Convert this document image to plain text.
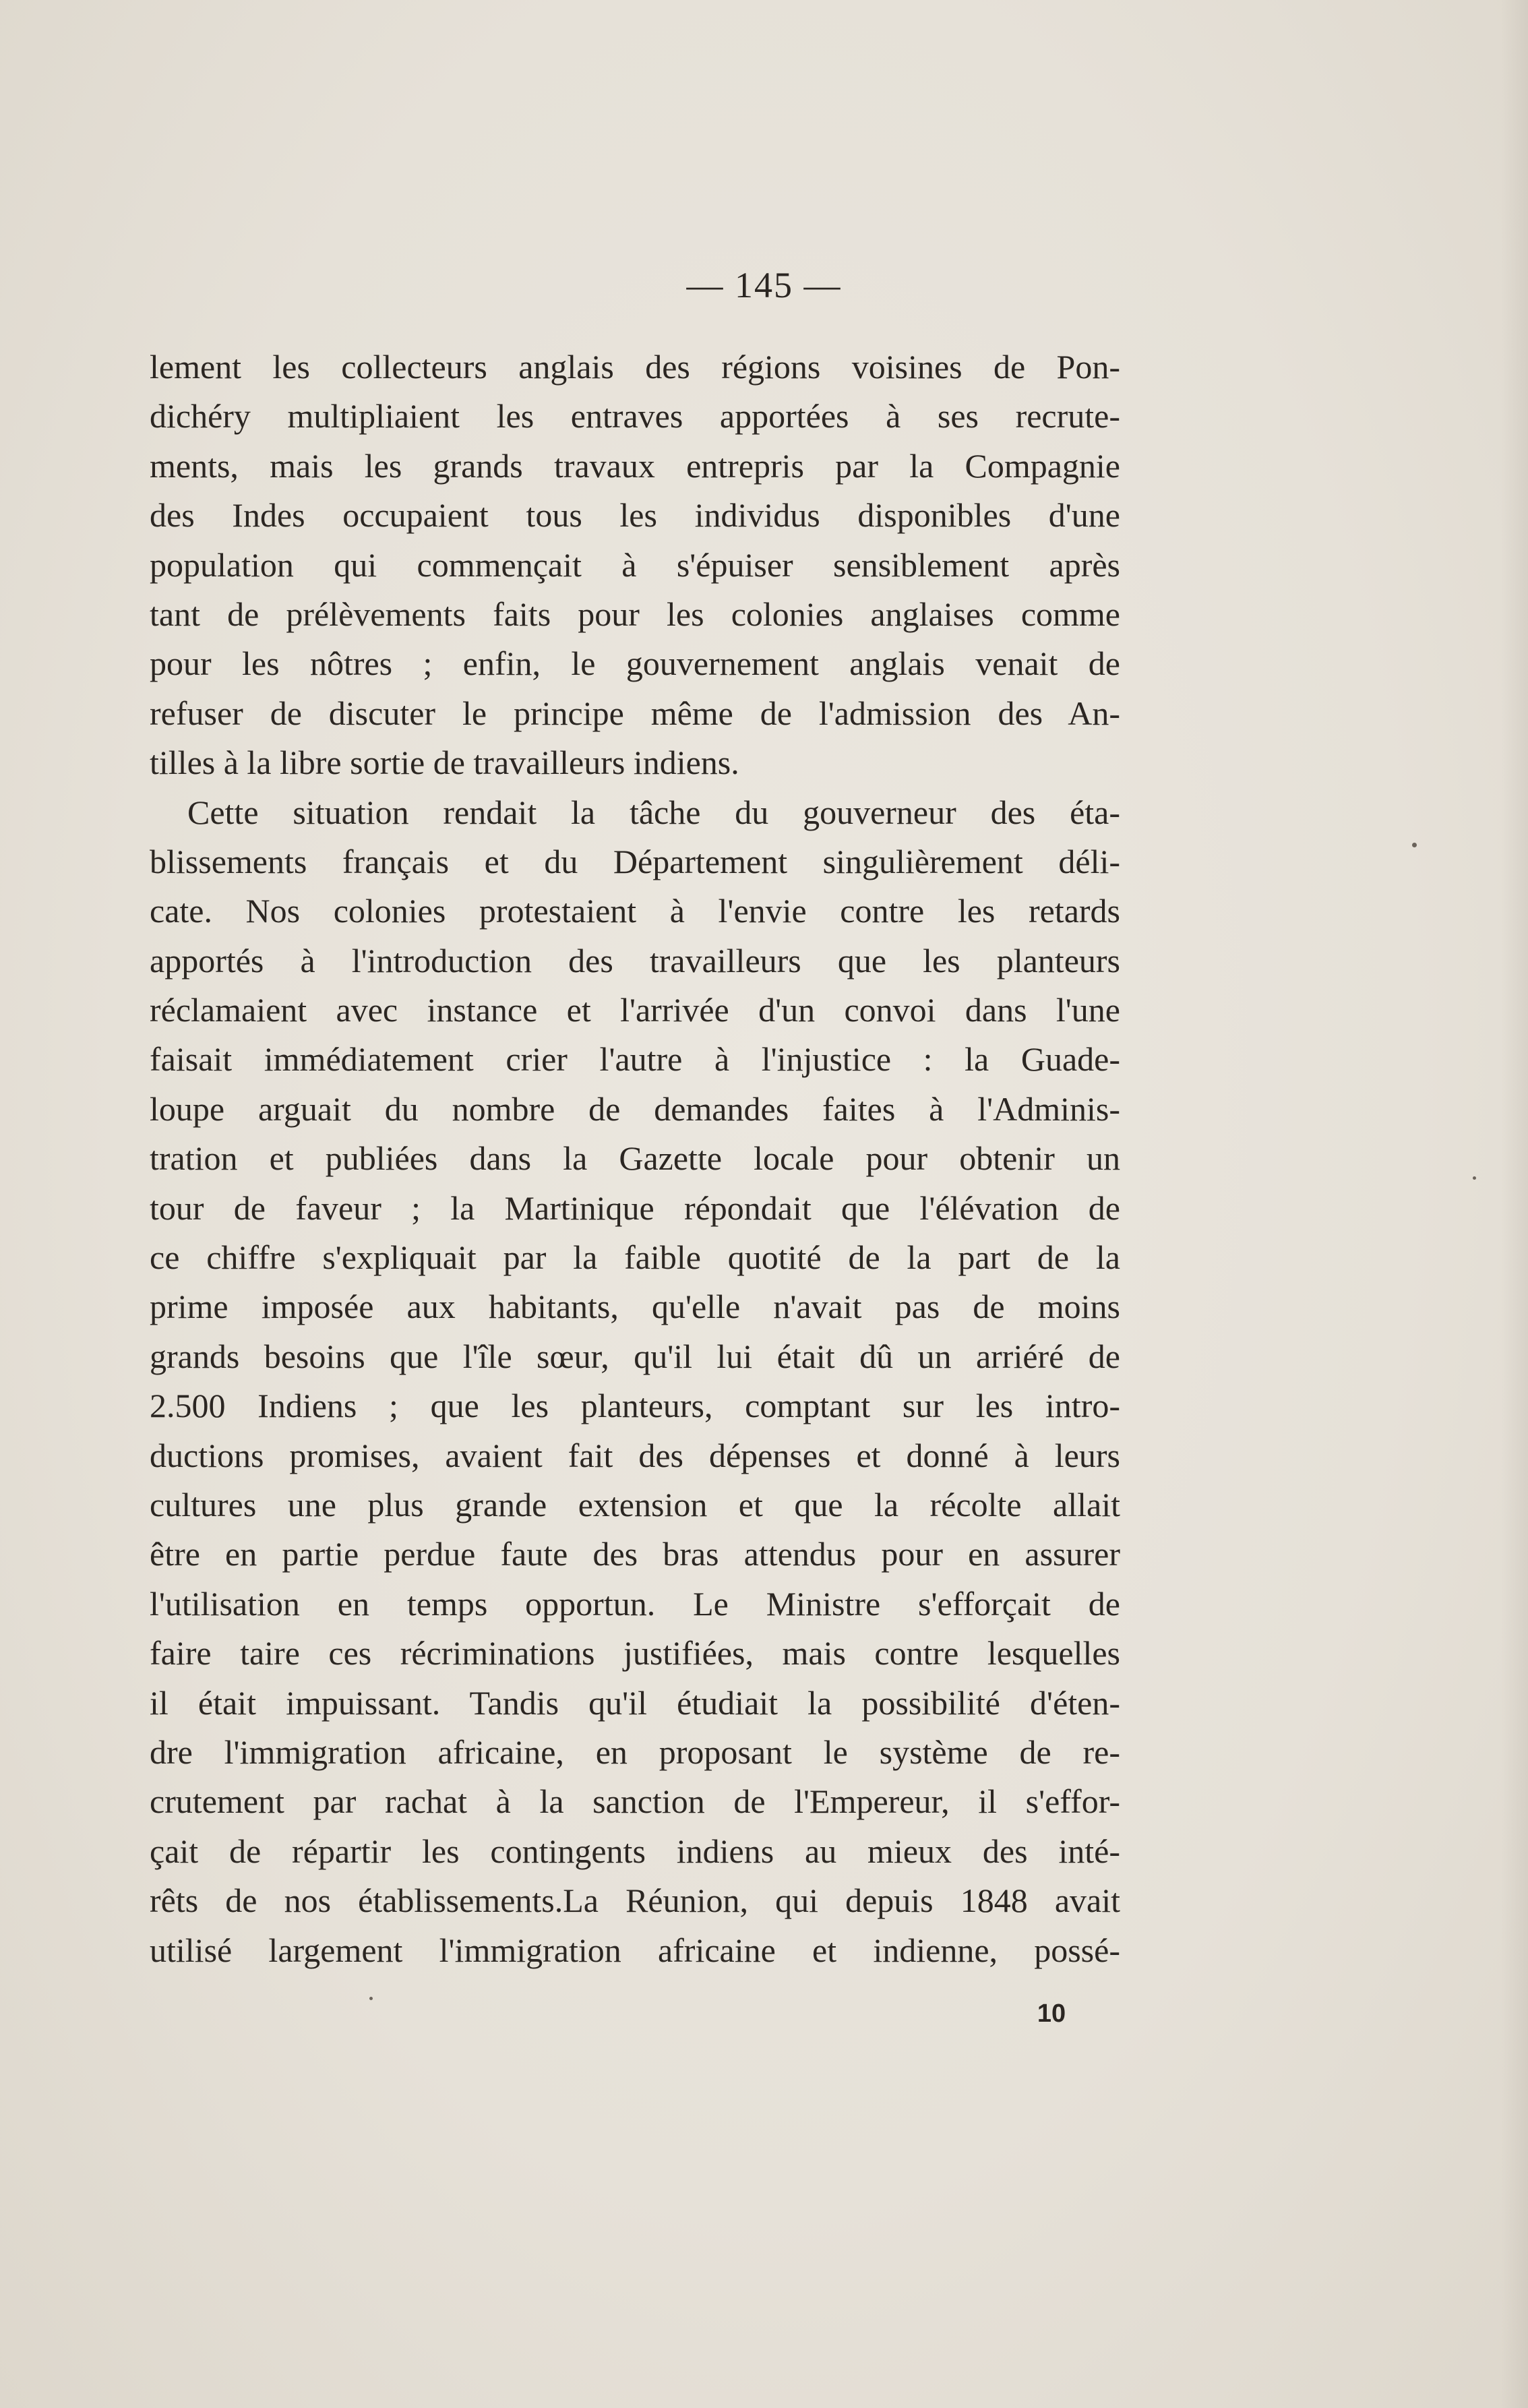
— 145 —
lement les collecteurs anglais des régions voisines de Pon-
dichéry multipliaient les entraves apportées à ses recrute-
ments, mais les grands travaux entrepris par la Compagnie
des Indes occupaient tous les individus disponibles d'une
population qui commençait à s'épuiser sensiblement après
tant de prélèvements faits pour les colonies anglaises comme
pour les nôtres ; enfin, le gouvernement anglais venait de
refuser de discuter le principe même de l'admission des An-
tilles à la libre sortie de travailleurs indiens.
Cette situation rendait la tâche du gouverneur des éta-
blissements français et du Département singulièrement déli-
cate. Nos colonies protestaient à l'envie contre les retards
apportés à l'introduction des travailleurs que les planteurs
réclamaient avec instance et l'arrivée d'un convoi dans l'une
faisait immédiatement crier l'autre à l'injustice : la Guade-
loupe arguait du nombre de demandes faites à l'Adminis-
tration et publiées dans la Gazette locale pour obtenir un
tour de faveur ; la Martinique répondait que l'élévation de
ce chiffre s'expliquait par la faible quotité de la part de la
prime imposée aux habitants, qu'elle n'avait pas de moins
grands besoins que l'île sœur, qu'il lui était dû un arriéré de
2.500 Indiens ; que les planteurs, comptant sur les intro-
ductions promises, avaient fait des dépenses et donné à leurs
cultures une plus grande extension et que la récolte allait
être en partie perdue faute des bras attendus pour en assurer
l'utilisation en temps opportun. Le Ministre s'efforçait de
faire taire ces récriminations justifiées, mais contre lesquelles
il était impuissant. Tandis qu'il étudiait la possibilité d'éten-
dre l'immigration africaine, en proposant le système de re-
crutement par rachat à la sanction de l'Empereur, il s'effor-
çait de répartir les contingents indiens au mieux des inté-
rêts de nos établissements.La Réunion, qui depuis 1848 avait
utilisé largement l'immigration africaine et indienne, possé-
10
